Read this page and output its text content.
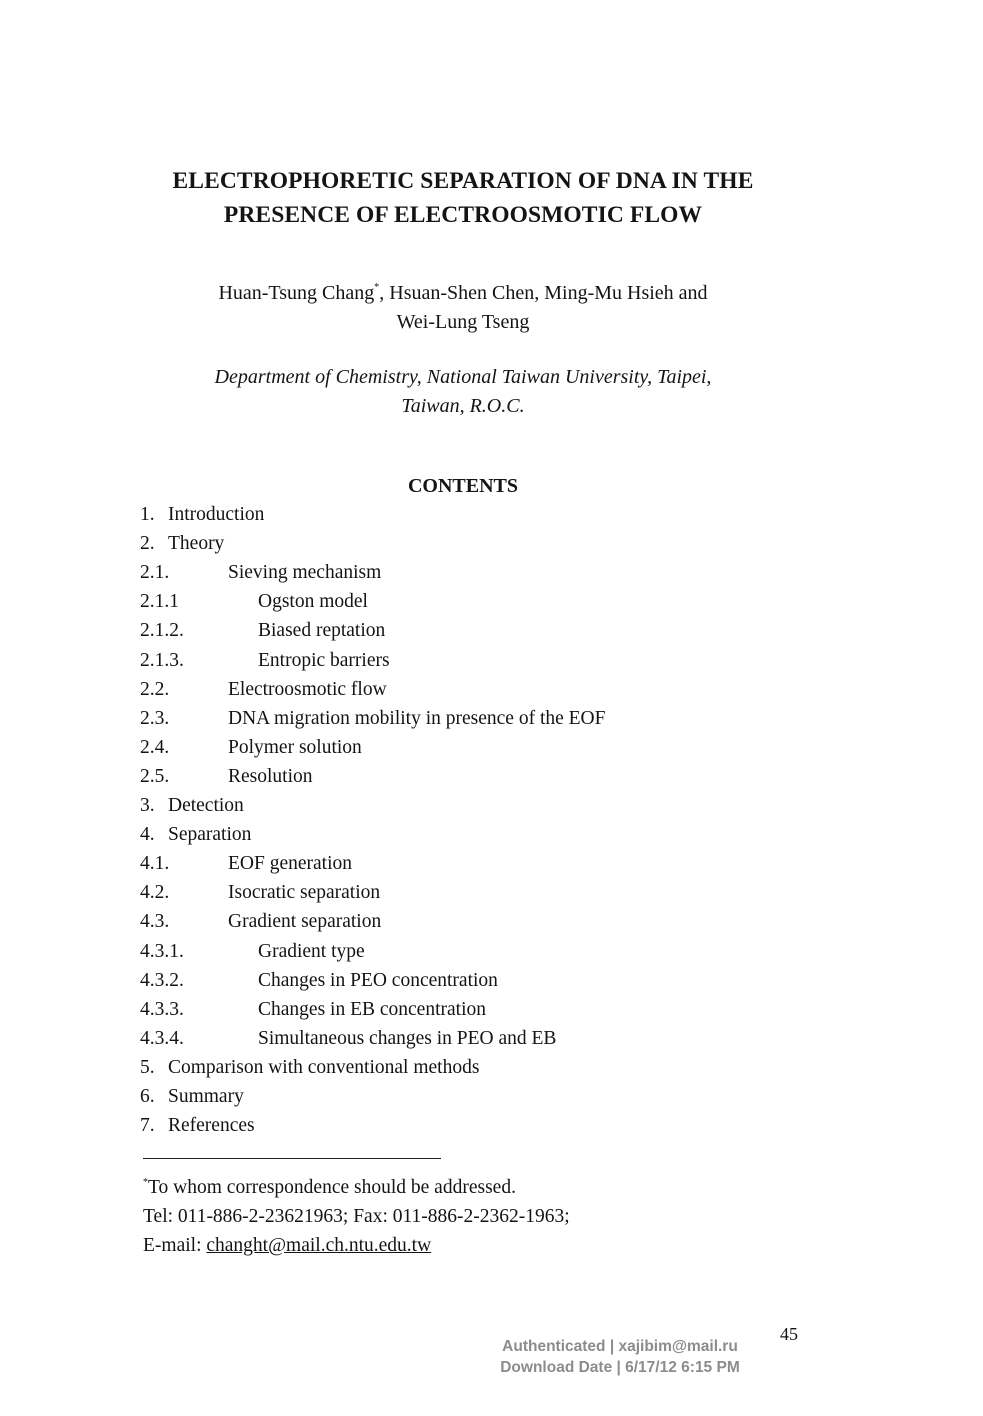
ELECTROPHORETIC SEPARATION OF DNA IN THE
PRESENCE OF ELECTROOSMOTIC FLOW
Huan-Tsung Chang*, Hsuan-Shen Chen, Ming-Mu Hsieh and
Wei-Lung Tseng
Department of Chemistry, National Taiwan University, Taipei,
Taiwan, R.O.C.
CONTENTS
1. Introduction
2. Theory
2.1.	Sieving mechanism
2.1.1	Ogston model
2.1.2.	Biased reptation
2.1.3.	Entropic barriers
2.2.	Electroosmotic flow
2.3.	DNA migration mobility in presence of the EOF
2.4.	Polymer solution
2.5.	Resolution
3. Detection
4. Separation
4.1.	EOF generation
4.2.	Isocratic separation
4.3.	Gradient separation
4.3.1.	Gradient type
4.3.2.	Changes in PEO concentration
4.3.3.	Changes in EB concentration
4.3.4.	Simultaneous changes in PEO and EB
5. Comparison with conventional methods
6. Summary
7. References
*To whom correspondence should be addressed.
Tel: 011-886-2-23621963; Fax: 011-886-2-2362-1963;
E-mail: changht@mail.ch.ntu.edu.tw
45
Authenticated | xajibim@mail.ru
Download Date | 6/17/12 6:15 PM
